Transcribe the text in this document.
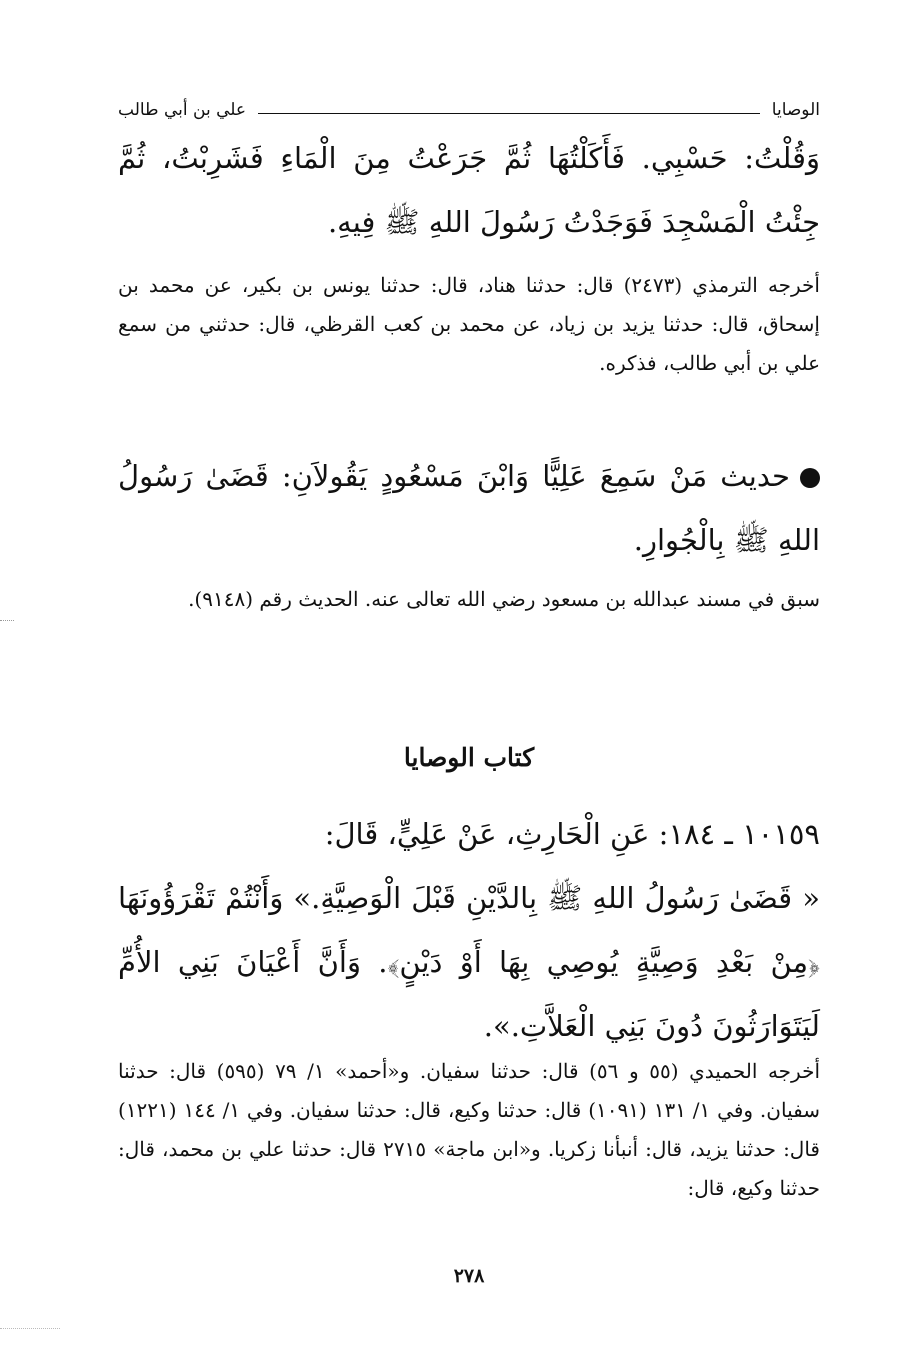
الوصايا
علي بن أبي طالب
وَقُلْتُ: حَسْبِي. فَأَكَلْتُهَا ثُمَّ جَرَعْتُ مِنَ الْمَاءِ فَشَرِبْتُ، ثُمَّ جِئْتُ الْمَسْجِدَ فَوَجَدْتُ رَسُولَ اللهِ ﷺ فِيهِ.
أخرجه الترمذي (٢٤٧٣) قال: حدثنا هناد، قال: حدثنا يونس بن بكير، عن محمد بن إسحاق، قال: حدثنا يزيد بن زياد، عن محمد بن كعب القرظي، قال: حدثني من سمع علي بن أبي طالب، فذكره.
حديث مَنْ سَمِعَ عَلِيًّا وَابْنَ مَسْعُودٍ يَقُولاَنِ: قَضَىٰ رَسُولُ اللهِ ﷺ بِالْجُوارِ.
سبق في مسند عبدالله بن مسعود رضي الله تعالى عنه. الحديث رقم (٩١٤٨).
كتاب الوصايا
١٠١٥٩ ـ ١٨٤: عَنِ الْحَارِثِ، عَنْ عَلِيٍّ، قَالَ:
« قَضَىٰ رَسُولُ اللهِ ﷺ بِالدَّيْنِ قَبْلَ الْوَصِيَّةِ.» وَأَنْتُمْ تَقْرَؤُونَهَا ﴿مِنْ بَعْدِ وَصِيَّةٍ يُوصِي بِهَا أَوْ دَيْنٍ﴾. وَأَنَّ أَعْيَانَ بَنِي الأُمِّ لَيَتَوَارَثُونَ دُونَ بَنِي الْعَلاَّتِ.».
أخرجه الحميدي (٥٥ و ٥٦) قال: حدثنا سفيان. و«أحمد» ١/ ٧٩ (٥٩٥) قال: حدثنا سفيان. وفي ١/ ١٣١ (١٠٩١) قال: حدثنا وكيع، قال: حدثنا سفيان. وفي ١/ ١٤٤ (١٢٢١) قال: حدثنا يزيد، قال: أنبأنا زكريا. و«ابن ماجة» ٢٧١٥ قال: حدثنا علي بن محمد، قال: حدثنا وكيع، قال:
٢٧٨
